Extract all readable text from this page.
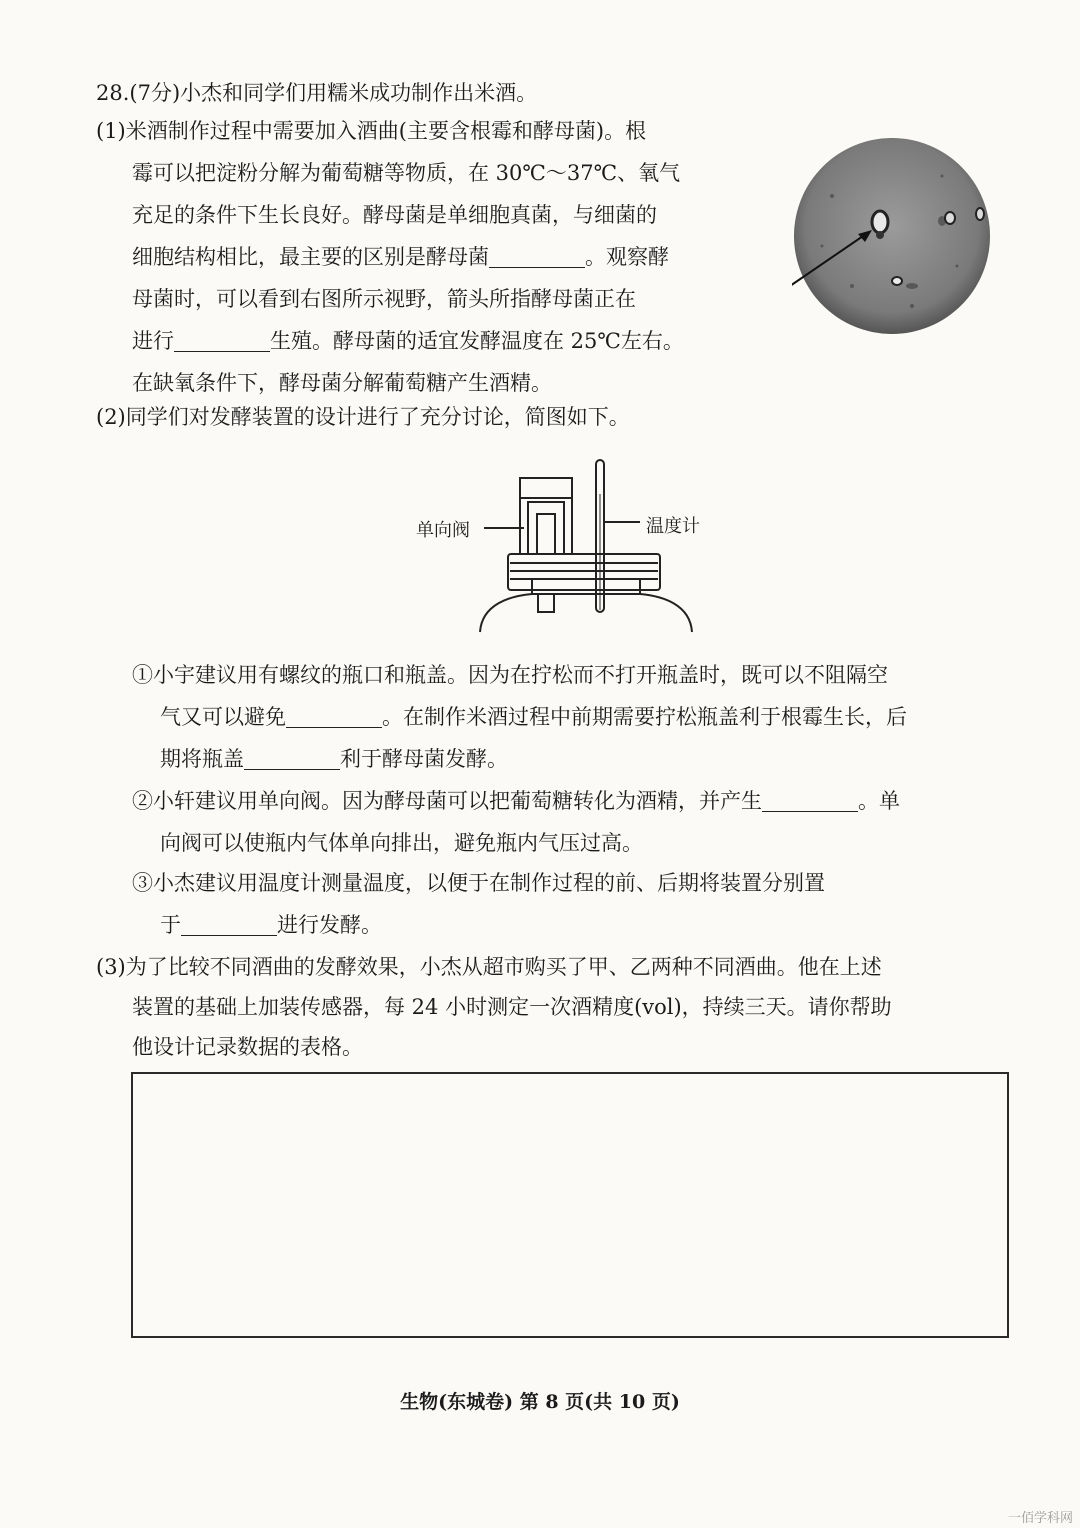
28.(7分)小杰和同学们用糯米成功制作出米酒。
(1)米酒制作过程中需要加入酒曲(主要含根霉和酵母菌)。根
霉可以把淀粉分解为葡萄糖等物质，在 30℃～37℃、氧气
充足的条件下生长良好。酵母菌是单细胞真菌，与细菌的
细胞结构相比，最主要的区别是酵母菌	。观察酵
母菌时，可以看到右图所示视野，箭头所指酵母菌正在
进行	生殖。酵母菌的适宜发酵温度在 25℃左右。
在缺氧条件下，酵母菌分解葡萄糖产生酒精。
(2)同学们对发酵装置的设计进行了充分讨论，简图如下。
单向阀	温度计
①小宇建议用有螺纹的瓶口和瓶盖。因为在拧松而不打开瓶盖时，既可以不阻隔空
气又可以避免	。在制作米酒过程中前期需要拧松瓶盖利于根霉生长，后
期将瓶盖	利于酵母菌发酵。
②小轩建议用单向阀。因为酵母菌可以把葡萄糖转化为酒精，并产生	。单
向阀可以使瓶内气体单向排出，避免瓶内气压过高。
③小杰建议用温度计测量温度，以便于在制作过程的前、后期将装置分别置
于	进行发酵。
(3)为了比较不同酒曲的发酵效果，小杰从超市购买了甲、乙两种不同酒曲。他在上述
装置的基础上加装传感器，每 24 小时测定一次酒精度(vol)，持续三天。请你帮助
他设计记录数据的表格。
生物(东城卷) 第 8 页(共 10 页)
一佰学科网
